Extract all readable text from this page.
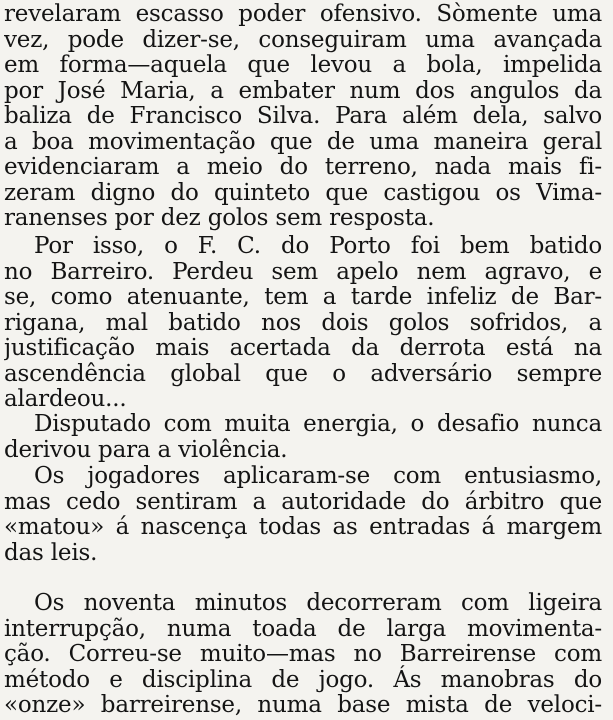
revelaram escasso poder ofensivo. Sòmente uma
vez, pode dizer-se, conseguiram uma avançada
em forma—aquela que levou a bola, impelida
por José Maria, a embater num dos angulos da
baliza de Francisco Silva. Para além dela, salvo
a boa movimentação que de uma maneira geral
evidenciaram a meio do terreno, nada mais fi-
zeram digno do quinteto que castigou os Vima-
ranenses por dez golos sem resposta.
Por isso, o F. C. do Porto foi bem batido
no Barreiro. Perdeu sem apelo nem agravo, e
se, como atenuante, tem a tarde infeliz de Bar-
rigana, mal batido nos dois golos sofridos, a
justificação mais acertada da derrota está na
ascendência global que o adversário sempre
alardeou...
Disputado com muita energia, o desafio nunca
derivou para a violência.
Os jogadores aplicaram-se com entusiasmo,
mas cedo sentiram a autoridade do árbitro que
«matou» á nascença todas as entradas á margem
das leis.
Os noventa minutos decorreram com ligeira
interrupção, numa toada de larga movimenta-
ção. Correu-se muito—mas no Barreirense com
método e disciplina de jogo. Ás manobras do
«onze» barreirense, numa base mista de veloci-
